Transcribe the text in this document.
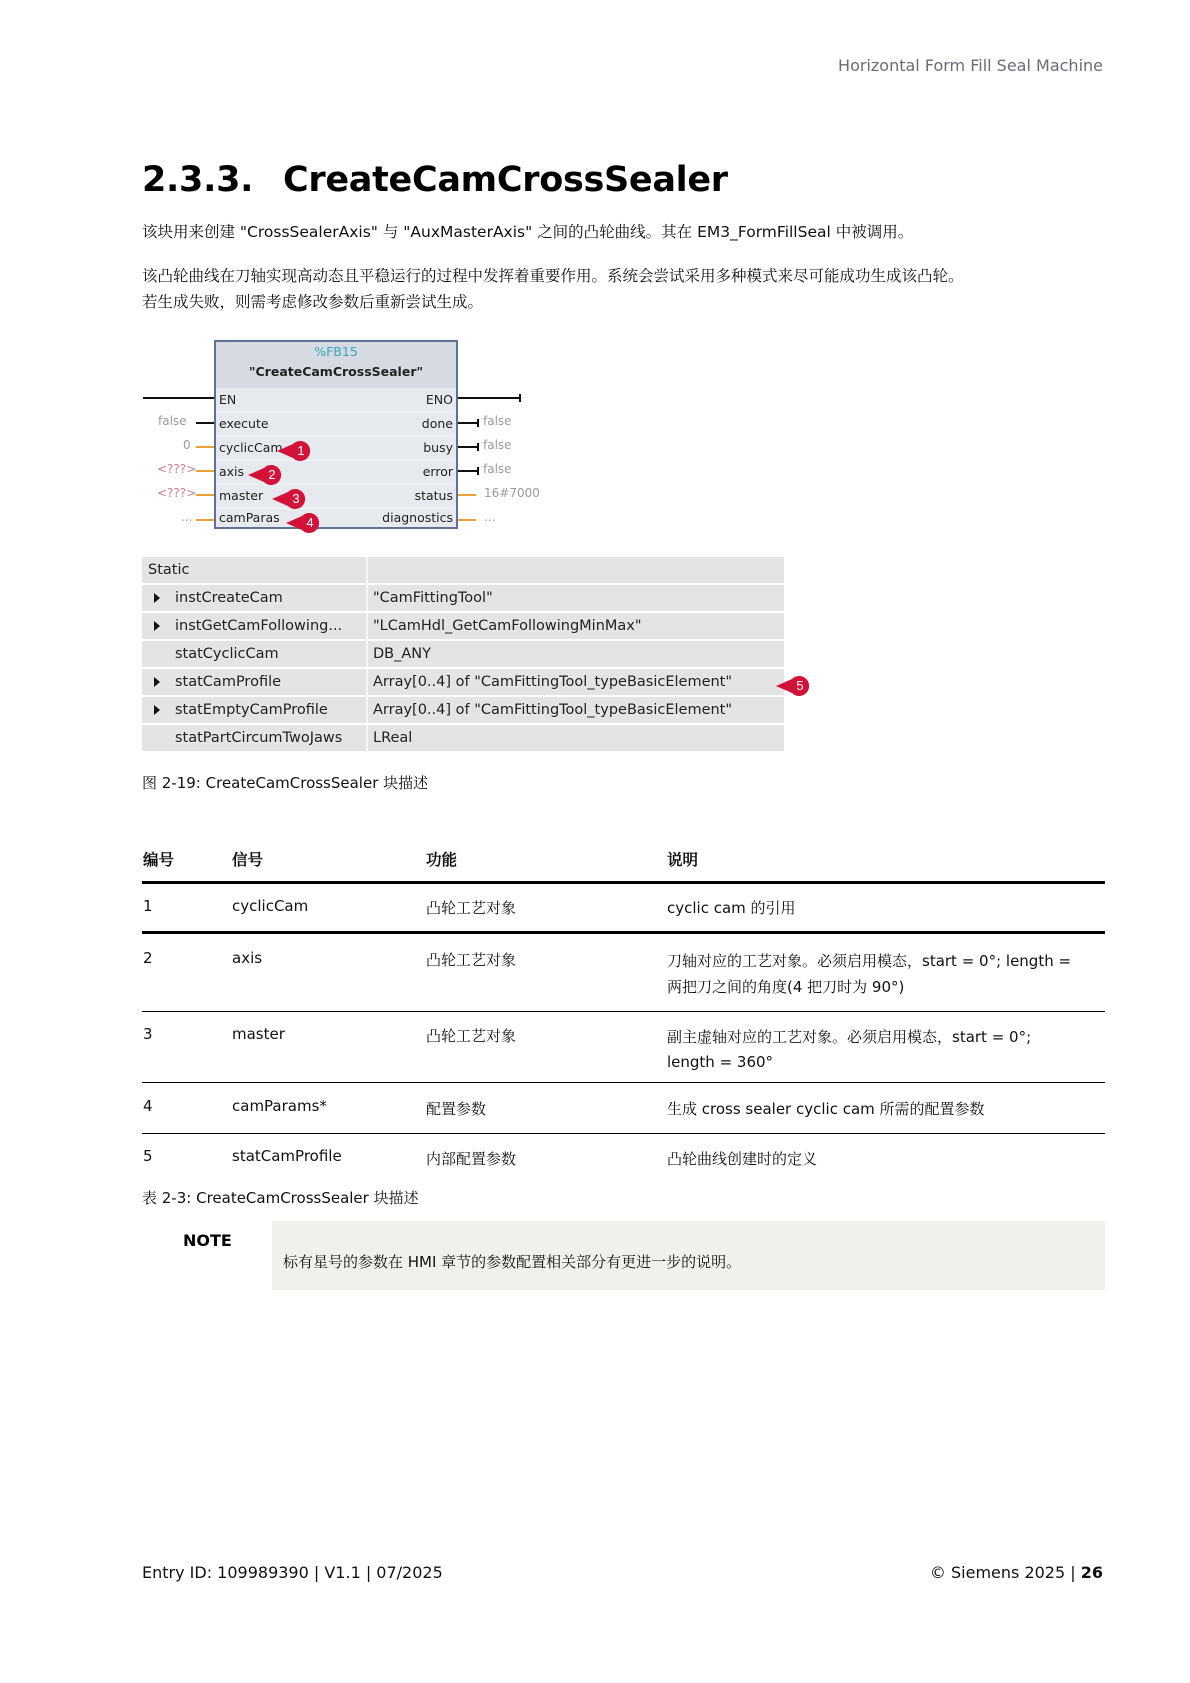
Horizontal Form Fill Seal Machine
2.3.3. CreateCamCrossSealer
该块用来创建 "CrossSealerAxis" 与 "AuxMasterAxis" 之间的凸轮曲线。其在 EM3_FormFillSeal 中被调用。
该凸轮曲线在刀轴实现高动态且平稳运行的过程中发挥着重要作用。系统会尝试采用多种模式来尽可能成功生成该凸轮。
若生成失败，则需考虑修改参数后重新尝试生成。
false
0
<???>
<???>
...
false
false
false
16#7000
...
%FB15
"CreateCamCrossSealer"
EN
execute
cyclicCam
axis
master
camParas
ENO
done
busy
error
status
diagnostics
1
2
3
4
Static
instCreateCam	"CamFittingTool"
instGetCamFollowing...	"LCamHdl_GetCamFollowingMinMax"
statCyclicCam	DB_ANY
statCamProfile	Array[0..4] of "CamFittingTool_typeBasicElement"
statEmptyCamProfile	Array[0..4] of "CamFittingTool_typeBasicElement"
statPartCircumTwoJaws	LReal
5
图 2-19: CreateCamCrossSealer 块描述
编号	信号	功能	说明
1	cyclicCam	凸轮工艺对象	cyclic cam 的引用
2	axis	凸轮工艺对象	刀轴对应的工艺对象。必须启用模态，start = 0°; length =
两把刀之间的角度(4 把刀时为 90°)
3	master	凸轮工艺对象	副主虚轴对应的工艺对象。必须启用模态，start = 0°;
length = 360°
4	camParams*	配置参数	生成 cross sealer cyclic cam 所需的配置参数
5	statCamProfile	内部配置参数	凸轮曲线创建时的定义
表 2-3: CreateCamCrossSealer 块描述
NOTE
标有星号的参数在 HMI 章节的参数配置相关部分有更进一步的说明。
Entry ID: 109989390 | V1.1 | 07/2025	© Siemens 2025 | 26
